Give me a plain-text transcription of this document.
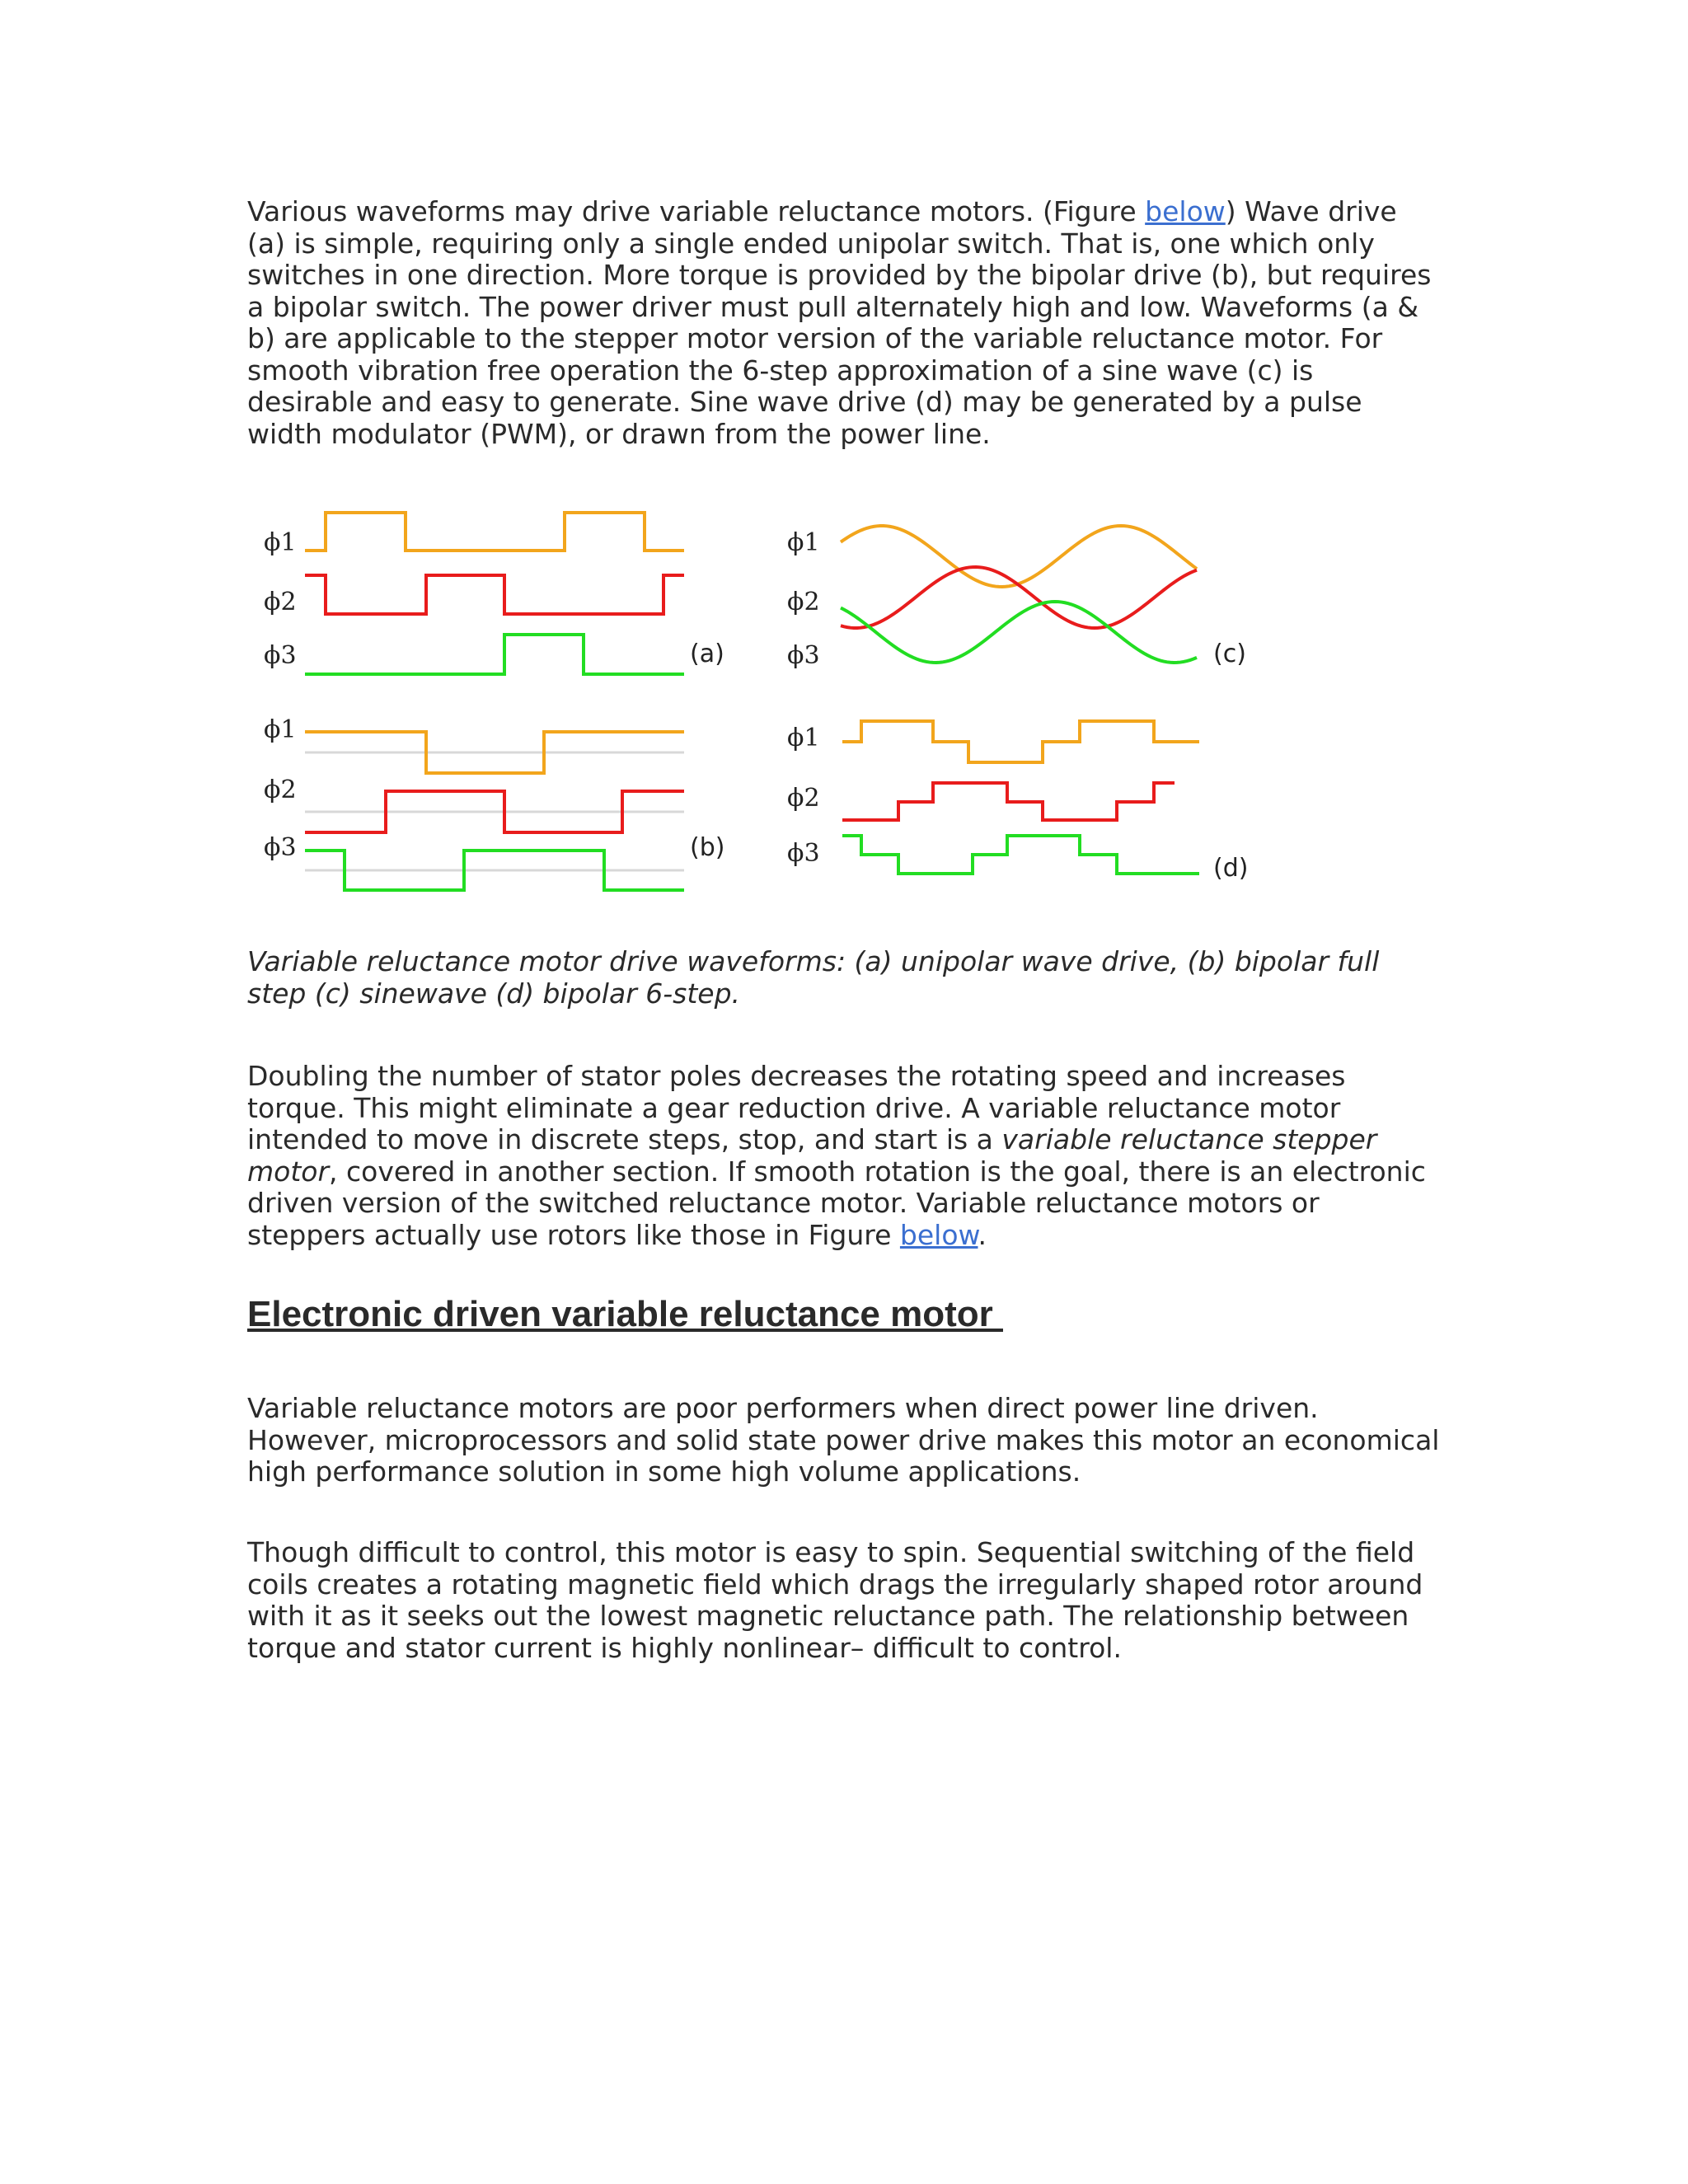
Various waveforms may drive variable reluctance motors. (Figure below) Wave drive (a) is simple, requiring only a single ended unipolar switch. That is, one which only switches in one direction. More torque is provided by the bipolar drive (b), but requires a bipolar switch. The power driver must pull alternately high and low. Waveforms (a & b) are applicable to the stepper motor version of the variable reluctance motor. For smooth vibration free operation the 6-step approximation of a sine wave (c) is desirable and easy to generate. Sine wave drive (d) may be generated by a pulse width modulator (PWM), or drawn from the power line.

ϕ1
ϕ2
ϕ3	(a)
ϕ1
ϕ2
ϕ3	(b)
ϕ1
ϕ2
ϕ3	(c)
ϕ1
ϕ2
ϕ3
(d)

Variable reluctance motor drive waveforms: (a) unipolar wave drive, (b) bipolar full step (c) sinewave (d) bipolar 6-step.

Doubling the number of stator poles decreases the rotating speed and increases torque. This might eliminate a gear reduction drive. A variable reluctance motor intended to move in discrete steps, stop, and start is a variable reluctance stepper motor, covered in another section. If smooth rotation is the goal, there is an electronic driven version of the switched reluctance motor. Variable reluctance motors or steppers actually use rotors like those in Figure below.

Electronic driven variable reluctance motor

Variable reluctance motors are poor performers when direct power line driven. However, microprocessors and solid state power drive makes this motor an economical high performance solution in some high volume applications.

Though difficult to control, this motor is easy to spin. Sequential switching of the field coils creates a rotating magnetic field which drags the irregularly shaped rotor around with it as it seeks out the lowest magnetic reluctance path. The relationship between torque and stator current is highly nonlinear– difficult to control.
